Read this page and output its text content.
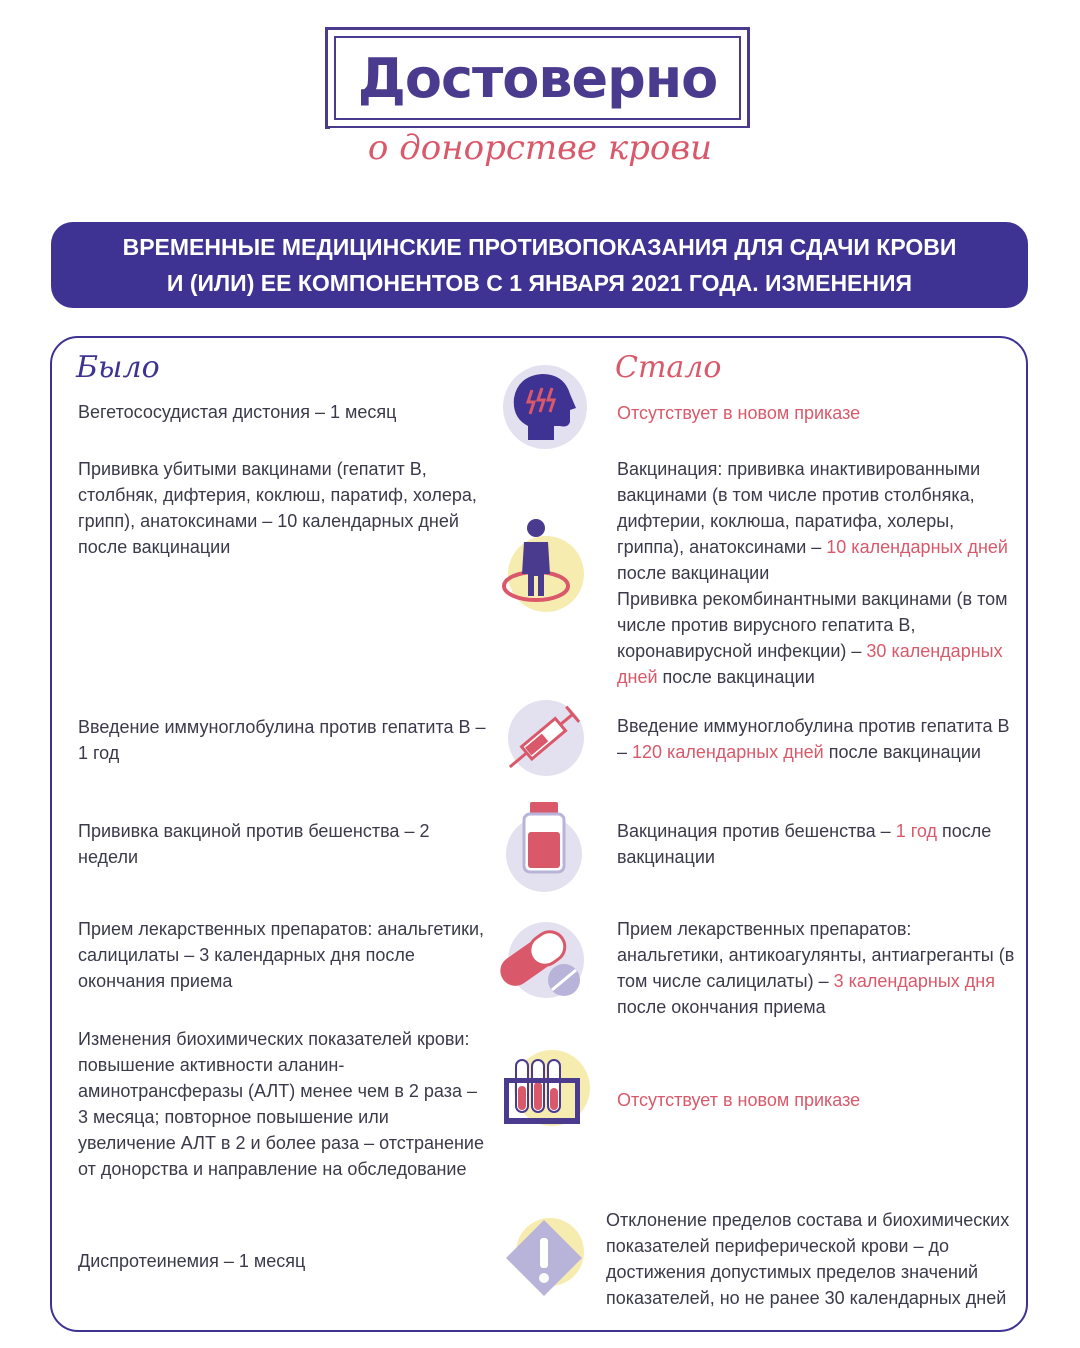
Достоверно
о донорстве крови
ВРЕМЕННЫЕ МЕДИЦИНСКИЕ ПРОТИВОПОКАЗАНИЯ ДЛЯ СДАЧИ КРОВИ
И (ИЛИ) ЕЕ КОМПОНЕНТОВ С 1 ЯНВАРЯ 2021 ГОДА. ИЗМЕНЕНИЯ
Было	Стало
Вегетососудистая дистония – 1 месяц	Отсутствует в новом приказе
Прививка убитыми вакцинами (гепатит В, столбняк, дифтерия, коклюш, паратиф, холера, грипп), анатоксинами – 10 календарных дней после вакцинации
Вакцинация: прививка инактивированными вакцинами (в том числе против столбняка, дифтерии, коклюша, паратифа, холеры, гриппа), анатоксинами – 10 календарных дней после вакцинации
Прививка рекомбинантными вакцинами (в том числе против вирусного гепатита В, коронавирусной инфекции) – 30 календарных дней после вакцинации
Введение иммуноглобулина против гепатита В – 1 год
Введение иммуноглобулина против гепатита В – 120 календарных дней после вакцинации
Прививка вакциной против бешенства – 2 недели
Вакцинация против бешенства – 1 год после вакцинации
Прием лекарственных препаратов: анальгетики, салицилаты – 3 календарных дня после окончания приема
Прием лекарственных препаратов: анальгетики, антикоагулянты, антиагреганты (в том числе салицилаты) – 3 календарных дня после окончания приема
Изменения биохимических показателей крови: повышение активности аланин-аминотрансферазы (АЛТ) менее чем в 2 раза – 3 месяца; повторное повышение или увеличение АЛТ в 2 и более раза – отстранение от донорства и направление на обследование
Отсутствует в новом приказе
Диспротеинемия – 1 месяц
Отклонение пределов состава и биохимических показателей периферической крови – до достижения допустимых пределов значений показателей, но не ранее 30 календарных дней
